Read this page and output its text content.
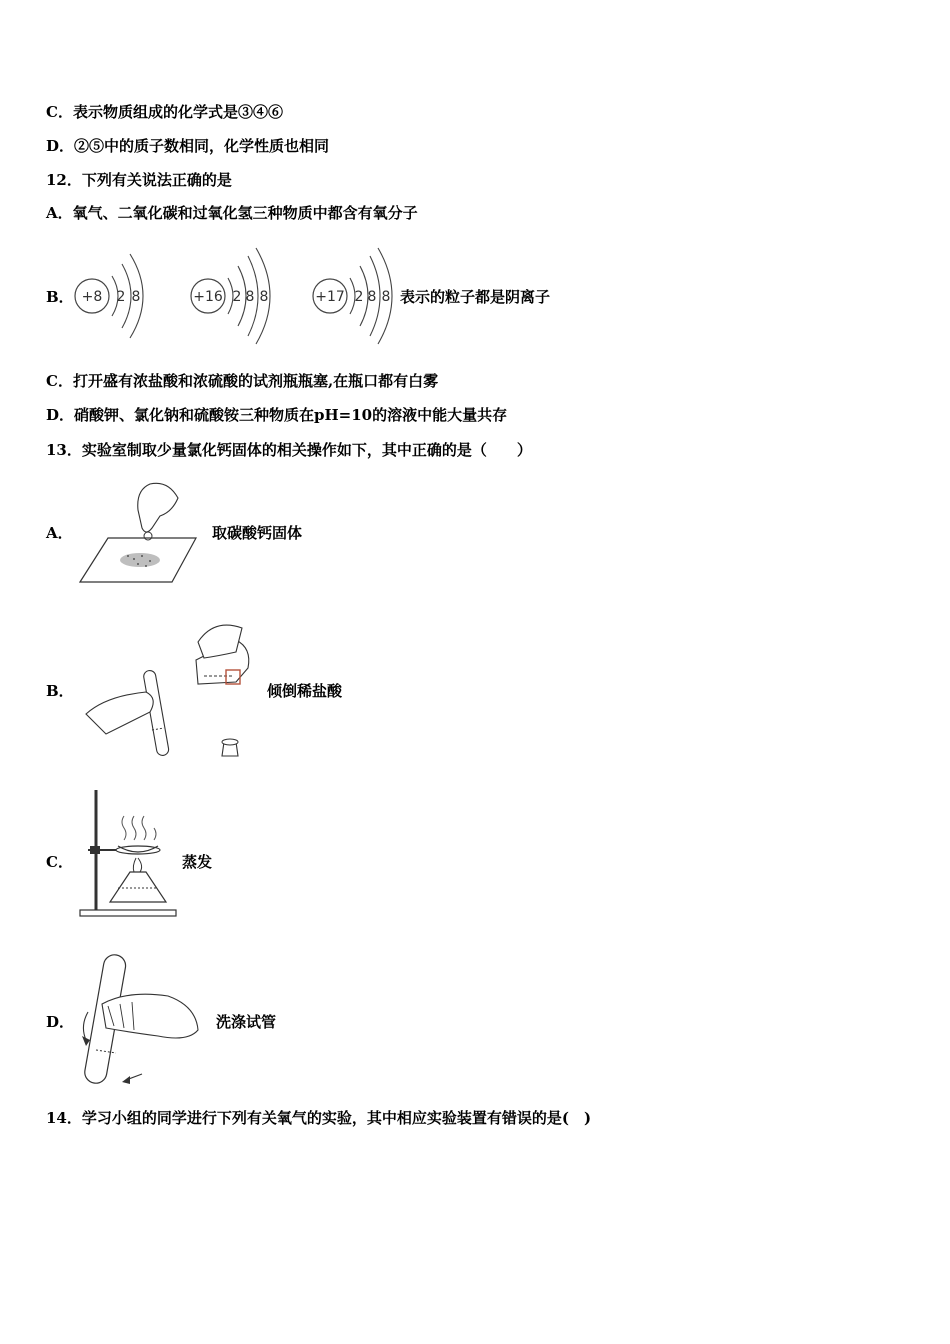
C．表示物质组成的化学式是③④⑥
D．②⑤中的质子数相同，化学性质也相同
12．下列有关说法正确的是
A．氧气、二氧化碳和过氧化氢三种物质中都含有氧分子
B． +8 2 8	+16 2 8 8	+17 2 8 8 表示的粒子都是阴离子
C．打开盛有浓盐酸和浓硫酸的试剂瓶瓶塞,在瓶口都有白雾
D．硝酸钾、氯化钠和硫酸铵三种物质在pH=10的溶液中能大量共存
13．实验室制取少量氯化钙固体的相关操作如下，其中正确的是（　　）
A．	取碳酸钙固体
B．	倾倒稀盐酸
C．	蒸发
D．	洗涤试管
14．学习小组的同学进行下列有关氧气的实验，其中相应实验装置有错误的是(　)
